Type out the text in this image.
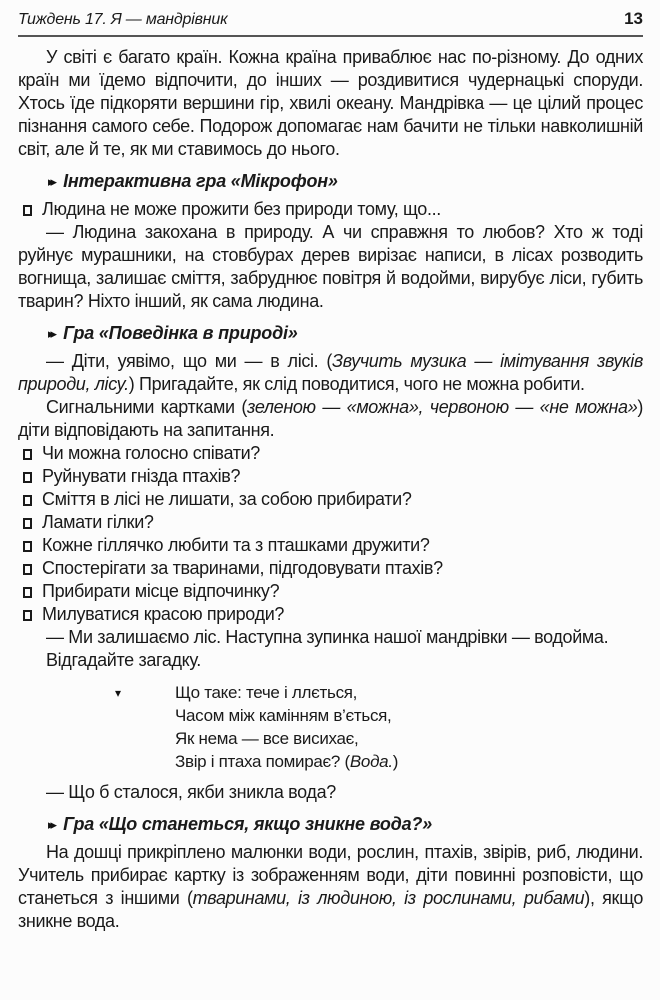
Тиждень 17. Я — мандрівник	13

У світі є багато країн. Кожна країна приваблює нас по-різному. До одних країн ми їдемо відпочити, до інших — роздивитися чудернацькі споруди. Хтось їде підкоряти вершини гір, хвилі океану. Мандрівка — це цілий процес пізнання самого себе. Подорож допомагає нам бачити не тільки навколишній світ, але й те, як ми ставимось до нього.

▸▸ Інтерактивна гра «Мікрофон»
Людина не може прожити без природи тому, що...

— Людина закохана в природу. А чи справжня то любов? Хто ж тоді руйнує мурашники, на стовбурах дерев вирізає написи, в лісах розводить вогнища, залишає сміття, забруднює повітря й водойми, вирубує ліси, губить тварин? Ніхто інший, як сама людина.

▸▸ Гра «Поведінка в природі»

— Діти, уявімо, що ми — в лісі. (Звучить музика — імітування звуків природи, лісу.) Пригадайте, як слід поводитися, чого не можна робити.

Сигнальними картками (зеленою — «можна», червоною — «не можна») діти відповідають на запитання.

Чи можна голосно співати?
Руйнувати гнізда птахів?
Сміття в лісі не лишати, за собою прибирати?
Ламати гілки?
Кожне гіллячко любити та з пташками дружити?
Спостерігати за тваринами, підгодовувати птахів?
Прибирати місце відпочинку?
Милуватися красою природи?

— Ми залишаємо ліс. Наступна зупинка нашої мандрівки — водойма.

Відгадайте загадку.

▾	Що таке: тече і ллється,
Часом між камінням в’ється,
Як нема — все висихає,
Звір і птаха помирає? (Вода.)

— Що б сталося, якби зникла вода?

▸▸ Гра «Що станеться, якщо зникне вода?»

На дошці прикріплено малюнки води, рослин, птахів, звірів, риб, людини. Учитель прибирає картку із зображенням води, діти повинні розповісти, що станеться з іншими (тваринами, із людиною, із рослинами, рибами), якщо зникне вода.
